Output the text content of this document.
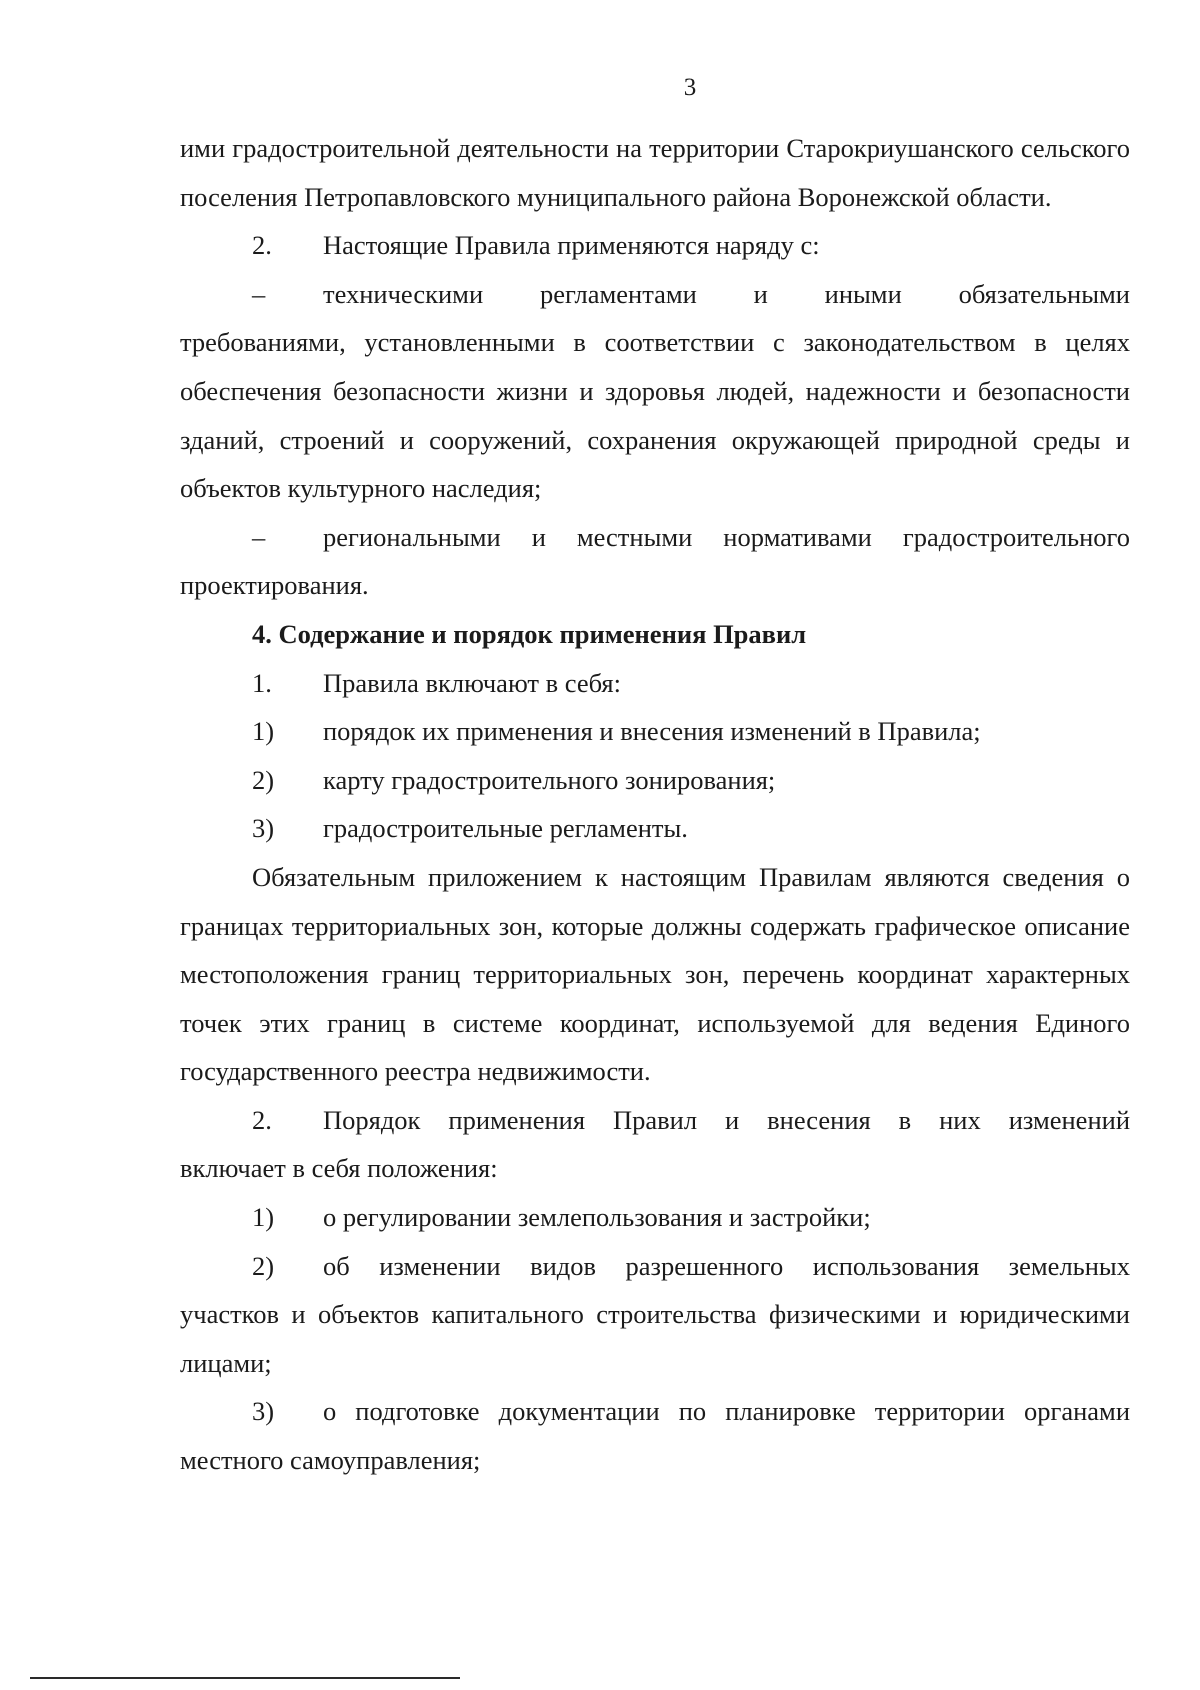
3

ими градостроительной деятельности на территории Старокриушанского сельского поселения Петропавловского муниципального района Воронежской области.

2.	Настоящие Правила применяются наряду с:
–	техническими регламентами и иными обязательными

требованиями, установленными в соответствии с законодательством в целях обеспечения безопасности жизни и здоровья людей, надежности и безопасности зданий, строений и сооружений, сохранения окружающей природной среды и объектов культурного наследия;

–	региональными и местными нормативами градостроительного

проектирования.

4. Содержание и порядок применения Правил

1.	Правила включают в себя:
1)	порядок их применения и внесения изменений в Правила;
2)	карту градостроительного зонирования;
3)	градостроительные регламенты.

Обязательным приложением к настоящим Правилам являются сведения о границах территориальных зон, которые должны содержать графическое описание местоположения границ территориальных зон, перечень координат характерных точек этих границ в системе координат, используемой для ведения Единого государственного реестра недвижимости.

2.	Порядок применения Правил и внесения в них изменений

включает в себя положения:

1)	о регулировании землепользования и застройки;
2)	об изменении видов разрешенного использования земельных

участков и объектов капитального строительства физическими и юридическими лицами;

3)	о подготовке документации по планировке территории органами

местного самоуправления;
